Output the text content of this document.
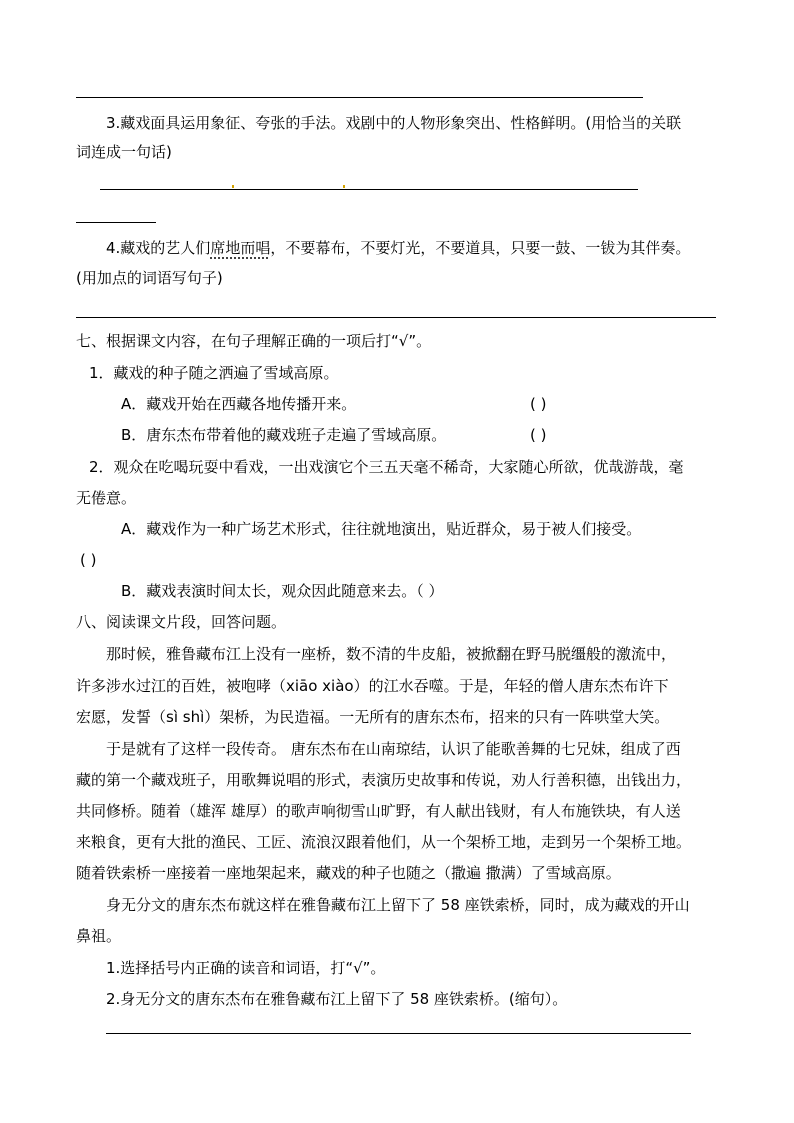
3.藏戏面具运用象征、夸张的手法。戏剧中的人物形象突出、性格鲜明。(用恰当的关联
词连成一句话)
4.藏戏的艺人们席地而唱，不要幕布，不要灯光，不要道具，只要一鼓、一钹为其伴奏。
(用加点的词语写句子)
七、根据课文内容，在句子理解正确的一项后打“√”。
1．藏戏的种子随之洒遍了雪域高原。
A．藏戏开始在西藏各地传播开来。	( )
B．唐东杰布带着他的藏戏班子走遍了雪域高原。	( )
2．观众在吃喝玩耍中看戏，一出戏演它个三五天毫不稀奇，大家随心所欲，优哉游哉，毫
无倦意。
A．藏戏作为一种广场艺术形式，往往就地演出，贴近群众，易于被人们接受。
( )
B．藏戏表演时间太长，观众因此随意来去。（ ）
八、阅读课文片段，回答问题。
那时候，雅鲁藏布江上没有一座桥，数不清的牛皮船，被掀翻在野马脱缰般的激流中，
许多涉水过江的百姓，被咆哮（xiāo xiào）的江水吞噬。于是，年轻的僧人唐东杰布许下
宏愿，发誓（sì shì）架桥，为民造福。一无所有的唐东杰布，招来的只有一阵哄堂大笑。
于是就有了这样一段传奇。 唐东杰布在山南琼结，认识了能歌善舞的七兄妹，组成了西
藏的第一个藏戏班子，用歌舞说唱的形式，表演历史故事和传说，劝人行善积德，出钱出力，
共同修桥。随着（雄浑 雄厚）的歌声响彻雪山旷野，有人献出钱财，有人布施铁块，有人送
来粮食，更有大批的渔民、工匠、流浪汉跟着他们，从一个架桥工地，走到另一个架桥工地。
随着铁索桥一座接着一座地架起来，藏戏的种子也随之（撒遍 撒满）了雪域高原。
身无分文的唐东杰布就这样在雅鲁藏布江上留下了 58 座铁索桥，同时，成为藏戏的开山
鼻祖。
1.选择括号内正确的读音和词语，打“√”。
2.身无分文的唐东杰布在雅鲁藏布江上留下了 58 座铁索桥。(缩句）。
